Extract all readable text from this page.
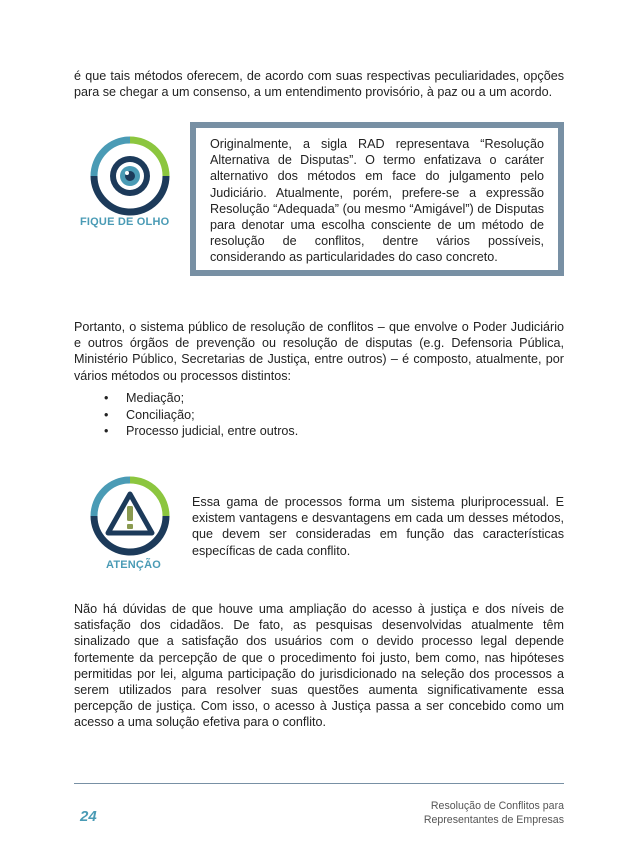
é que tais métodos oferecem, de acordo com suas respectivas peculiaridades, opções para se chegar a um consenso, a um entendimento provisório, à paz ou a um acordo.

FIQUE DE OLHO

Originalmente, a sigla RAD representava “Resolução Alternativa de Disputas”. O termo enfatizava o caráter alternativo dos métodos em face do julgamento pelo Judiciário. Atualmente, porém, prefere-se a expressão Resolução “Adequada” (ou mesmo “Amigável”) de Disputas para denotar uma escolha consciente de um método de resolução de conflitos, dentre vários possíveis, considerando as particularidades do caso concreto.

Portanto, o sistema público de resolução de conflitos – que envolve o Poder Judiciário e outros órgãos de prevenção ou resolução de disputas (e.g. Defensoria Pública, Ministério Público, Secretarias de Justiça, entre outros) – é composto, atualmente, por vários métodos ou processos distintos:

• Mediação;
• Conciliação;
• Processo judicial, entre outros.
ATENÇÃO

Essa gama de processos forma um sistema pluriprocessual. E existem vantagens e desvantagens em cada um desses métodos, que devem ser consideradas em função das características específicas de cada conflito.

Não há dúvidas de que houve uma ampliação do acesso à justiça e dos níveis de satisfação dos cidadãos. De fato, as pesquisas desenvolvidas atualmente têm sinalizado que a satisfação dos usuários com o devido processo legal depende fortemente da percepção de que o procedimento foi justo, bem como, nas hipóteses permitidas por lei, alguma participação do jurisdicionado na seleção dos processos a serem utilizados para resolver suas questões aumenta significativamente essa percepção de justiça. Com isso, o acesso à Justiça passa a ser concebido como um acesso a uma solução efetiva para o conflito.

24
Resolução de Conflitos para
Representantes de Empresas
